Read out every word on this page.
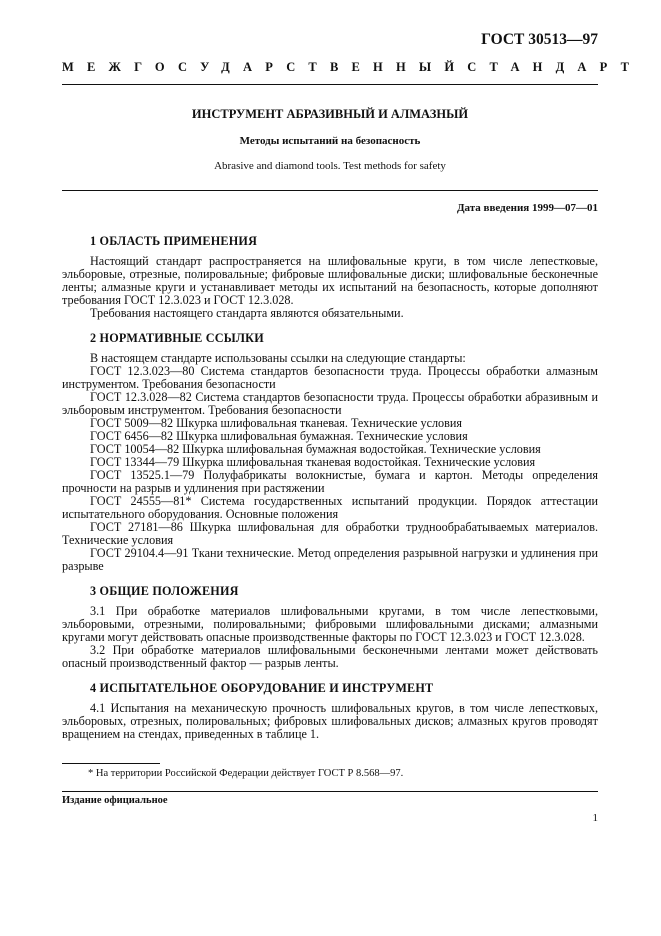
ГОСТ 30513—97
МЕЖГОСУДАРСТВЕННЫЙ СТАНДАРТ
ИНСТРУМЕНТ АБРАЗИВНЫЙ И АЛМАЗНЫЙ
Методы испытаний на безопасность
Abrasive and diamond tools. Test methods for safety
Дата введения 1999—07—01
1 ОБЛАСТЬ ПРИМЕНЕНИЯ

Настоящий стандарт распространяется на шлифовальные круги, в том числе лепестковые, эльборовые, отрезные, полировальные; фибровые шлифовальные диски; шлифовальные бесконечные ленты; алмазные круги и устанавливает методы их испытаний на безопасность, которые дополняют требования ГОСТ 12.3.023 и ГОСТ 12.3.028.

Требования настоящего стандарта являются обязательными.

2 НОРМАТИВНЫЕ ССЫЛКИ

В настоящем стандарте использованы ссылки на следующие стандарты:

ГОСТ 12.3.023—80 Система стандартов безопасности труда. Процессы обработки алмазным инструментом. Требования безопасности

ГОСТ 12.3.028—82 Система стандартов безопасности труда. Процессы обработки абразивным и эльборовым инструментом. Требования безопасности

ГОСТ 5009—82 Шкурка шлифовальная тканевая. Технические условия

ГОСТ 6456—82 Шкурка шлифовальная бумажная. Технические условия

ГОСТ 10054—82 Шкурка шлифовальная бумажная водостойкая. Технические условия

ГОСТ 13344—79 Шкурка шлифовальная тканевая водостойкая. Технические условия

ГОСТ 13525.1—79 Полуфабрикаты волокнистые, бумага и картон. Методы определения прочности на разрыв и удлинения при растяжении

ГОСТ 24555—81* Система государственных испытаний продукции. Порядок аттестации испытательного оборудования. Основные положения

ГОСТ 27181—86 Шкурка шлифовальная для обработки труднообрабатываемых материалов. Технические условия

ГОСТ 29104.4—91 Ткани технические. Метод определения разрывной нагрузки и удлинения при разрыве

3 ОБЩИЕ ПОЛОЖЕНИЯ

3.1 При обработке материалов шлифовальными кругами, в том числе лепестковыми, эльборовыми, отрезными, полировальными; фибровыми шлифовальными дисками; алмазными кругами могут действовать опасные производственные факторы по ГОСТ 12.3.023 и ГОСТ 12.3.028.

3.2 При обработке материалов шлифовальными бесконечными лентами может действовать опасный производственный фактор — разрыв ленты.

4 ИСПЫТАТЕЛЬНОЕ ОБОРУДОВАНИЕ И ИНСТРУМЕНТ

4.1 Испытания на механическую прочность шлифовальных кругов, в том числе лепестковых, эльборовых, отрезных, полировальных; фибровых шлифовальных дисков; алмазных кругов проводят вращением на стендах, приведенных в таблице 1.

* На территории Российской Федерации действует ГОСТ Р 8.568—97.
Издание официальное
1
